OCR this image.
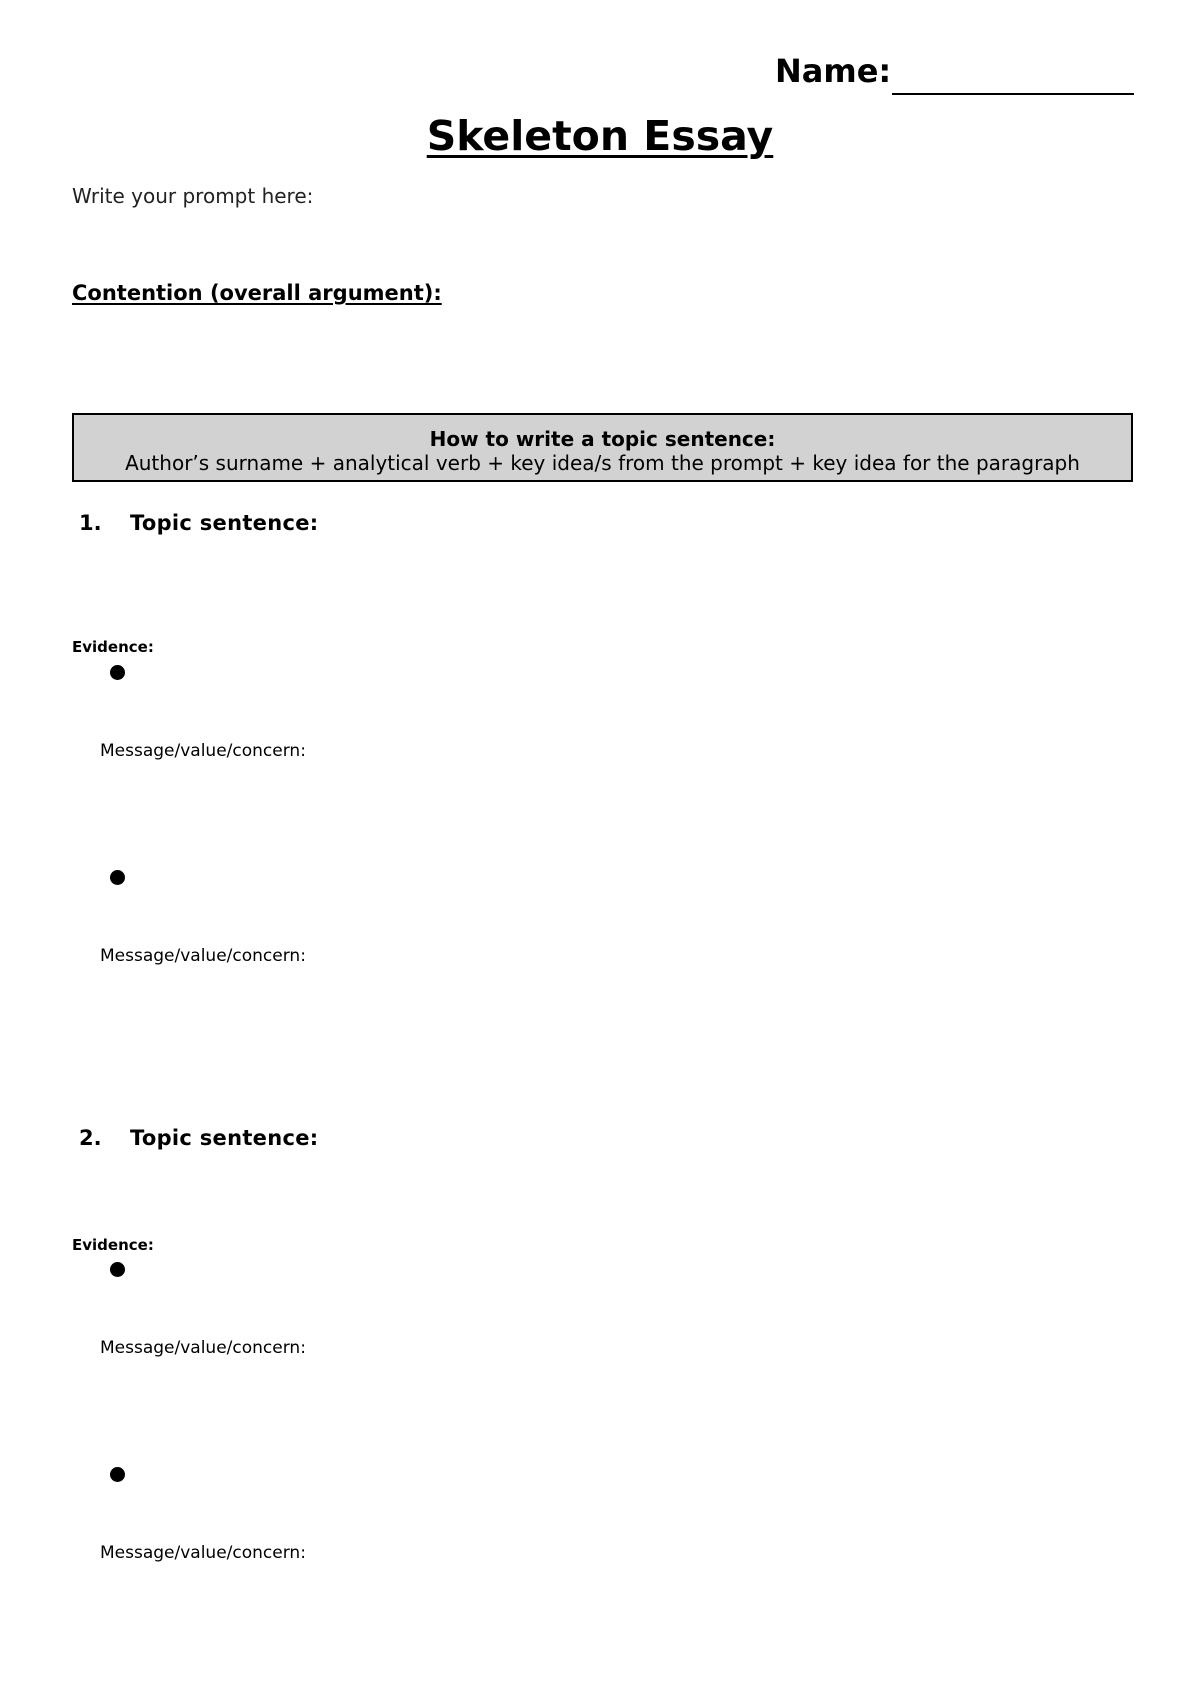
Name:
Skeleton Essay
Write your prompt here:
Contention (overall argument):
How to write a topic sentence:
Author’s surname + analytical verb + key idea/s from the prompt + key idea for the paragraph
1. Topic sentence:
Evidence:
Message/value/concern:
Message/value/concern:
2. Topic sentence:
Evidence:
Message/value/concern:
Message/value/concern:
